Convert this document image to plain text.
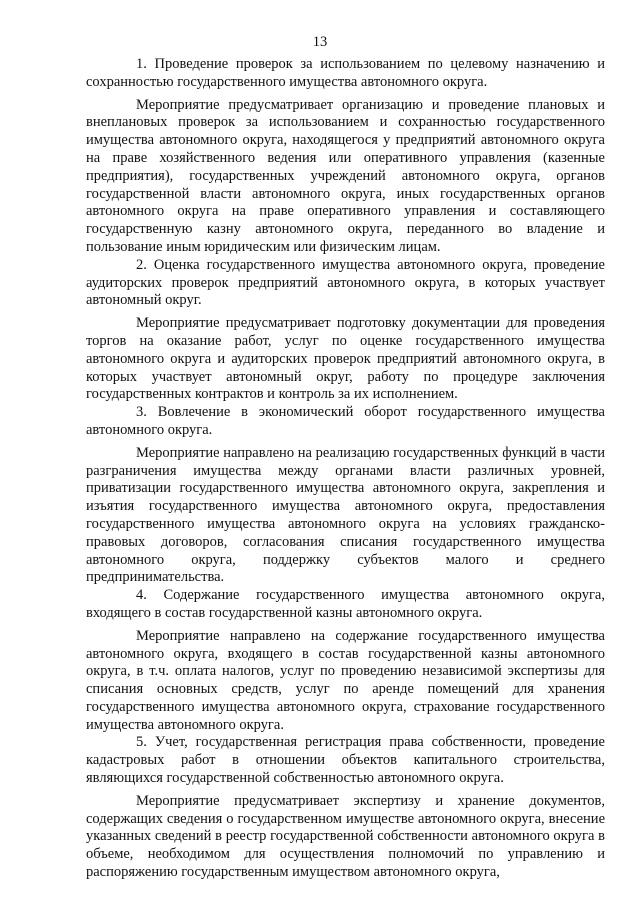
13

1. Проведение проверок за использованием по целевому назначению и сохранностью государственного имущества автономного округа.

Мероприятие предусматривает организацию и проведение плановых и внеплановых проверок за использованием и сохранностью государственного имущества автономного округа, находящегося у предприятий автономного округа на праве хозяйственного ведения или оперативного управления (казенные предприятия), государственных учреждений автономного округа, органов государственной власти автономного округа, иных государственных органов автономного округа на праве оперативного управления и составляющего государственную казну автономного округа, переданного во владение и пользование иным юридическим или физическим лицам.

2. Оценка государственного имущества автономного округа, проведение аудиторских проверок предприятий автономного округа, в которых участвует автономный округ.

Мероприятие предусматривает подготовку документации для проведения торгов на оказание работ, услуг по оценке государственного имущества автономного округа и аудиторских проверок предприятий автономного округа, в которых участвует автономный округ, работу по процедуре заключения государственных контрактов и контроль за их исполнением.

3. Вовлечение в экономический оборот государственного имущества автономного округа.

Мероприятие направлено на реализацию государственных функций в части разграничения имущества между органами власти различных уровней, приватизации государственного имущества автономного округа, закрепления и изъятия государственного имущества автономного округа, предоставления государственного имущества автономного округа на условиях гражданско-правовых договоров, согласования списания государственного имущества автономного округа, поддержку субъектов малого и среднего предпринимательства.

4. Содержание государственного имущества автономного округа, входящего в состав государственной казны автономного округа.

Мероприятие направлено на содержание государственного имущества автономного округа, входящего в состав государственной казны автономного округа, в т.ч. оплата налогов, услуг по проведению независимой экспертизы для списания основных средств, услуг по аренде помещений для хранения государственного имущества автономного округа, страхование государственного имущества автономного округа.

5. Учет, государственная регистрация права собственности, проведение кадастровых работ в отношении объектов капитального строительства, являющихся государственной собственностью автономного округа.

Мероприятие предусматривает экспертизу и хранение документов, содержащих сведения о государственном имуществе автономного округа, внесение указанных сведений в реестр государственной собственности автономного округа в объеме, необходимом для осуществления полномочий по управлению и распоряжению государственным имуществом автономного округа,
